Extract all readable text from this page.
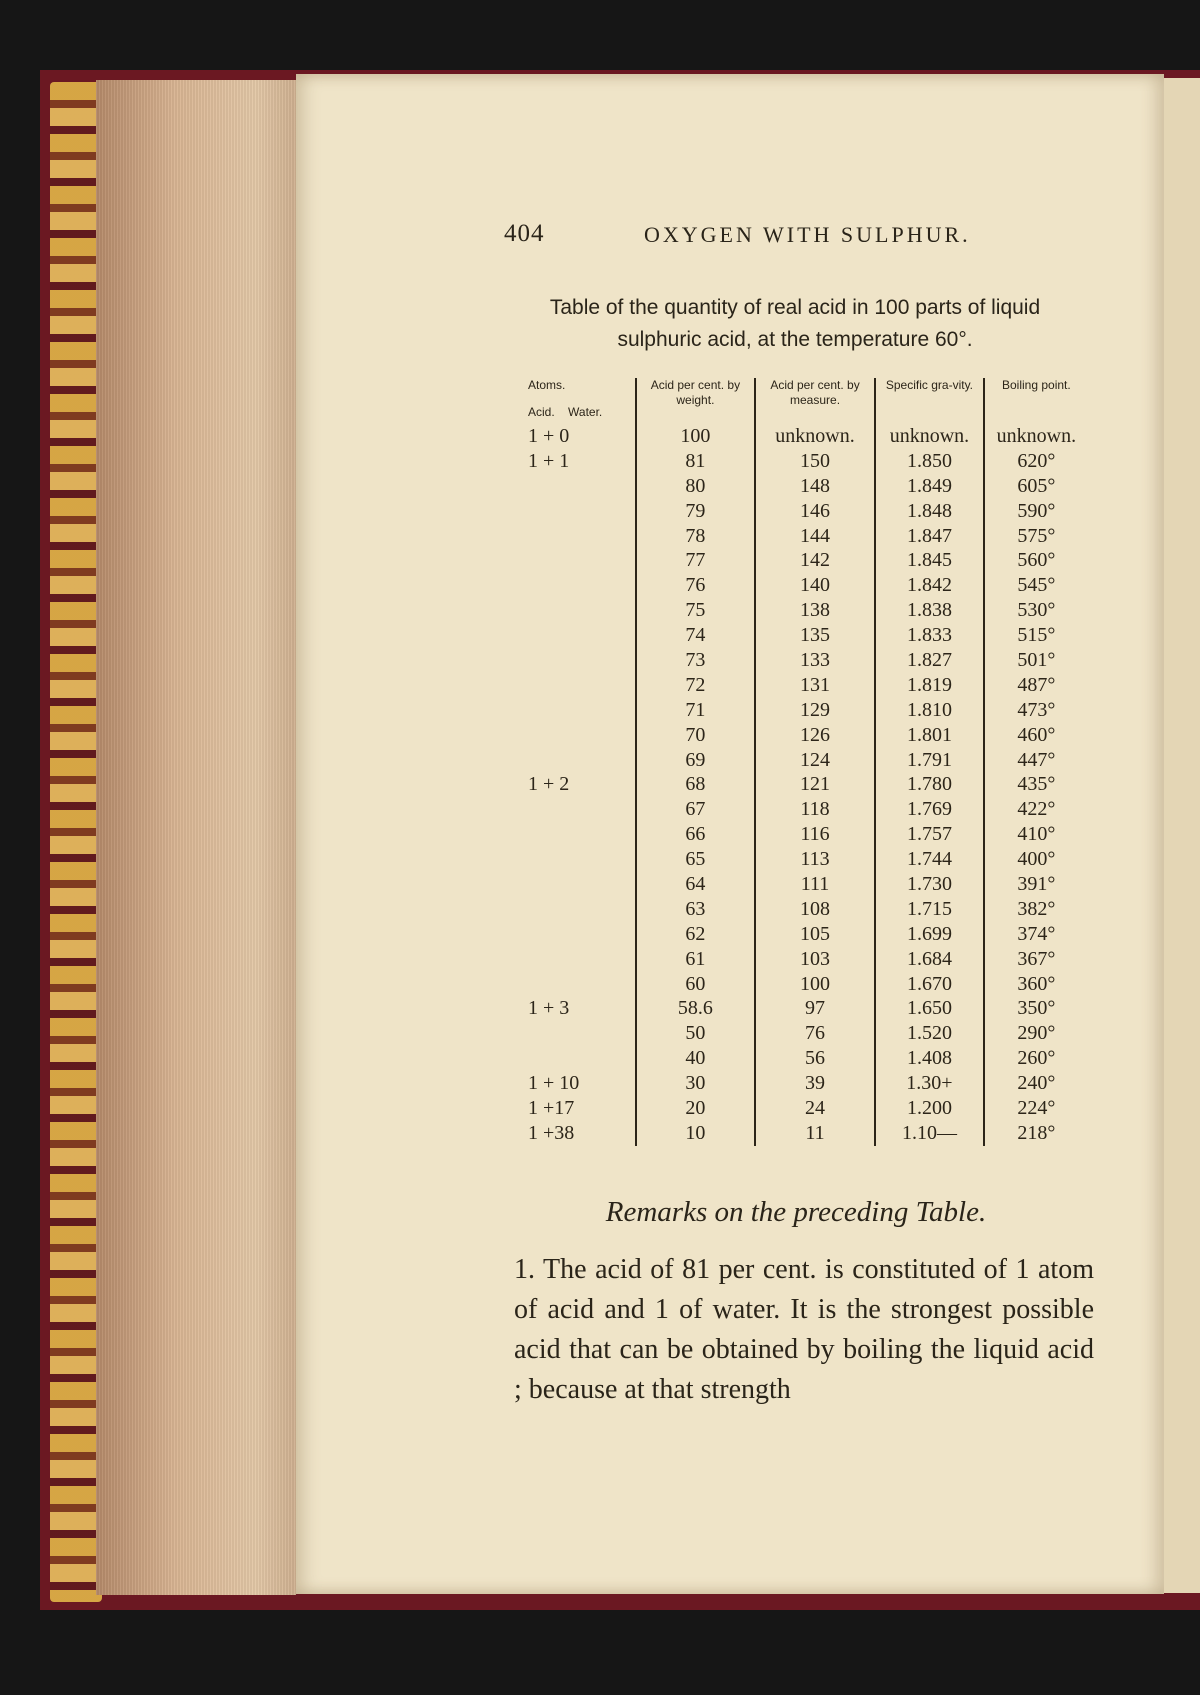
404	OXYGEN WITH SULPHUR.
Table of the quantity of real acid in 100 parts of liquid
sulphuric acid, at the temperature 60°.
Atoms.
Acid. Water.	Acid per cent. by weight.	Acid per cent. by measure.	Specific gra-vity.	Boiling point.
1 + 0	100	unknown.	unknown.	unknown.
1 + 1	81	150	1.850	620°
	80	148	1.849	605°
	79	146	1.848	590°
	78	144	1.847	575°
	77	142	1.845	560°
	76	140	1.842	545°
	75	138	1.838	530°
	74	135	1.833	515°
	73	133	1.827	501°
	72	131	1.819	487°
	71	129	1.810	473°
	70	126	1.801	460°
	69	124	1.791	447°
1 + 2	68	121	1.780	435°
	67	118	1.769	422°
	66	116	1.757	410°
	65	113	1.744	400°
	64	111	1.730	391°
	63	108	1.715	382°
	62	105	1.699	374°
	61	103	1.684	367°
	60	100	1.670	360°
1 + 3	58.6	97	1.650	350°
	50	76	1.520	290°
	40	56	1.408	260°
1 + 10	30	39	1.30+	240°
1 +17	20	24	1.200	224°
1 +38	10	11	1.10—	218°
Remarks on the preceding Table.
1. The acid of 81 per cent. is constituted of 1 atom of acid and 1 of water. It is the strongest possible acid that can be obtained by boiling the liquid acid ; because at that strength
